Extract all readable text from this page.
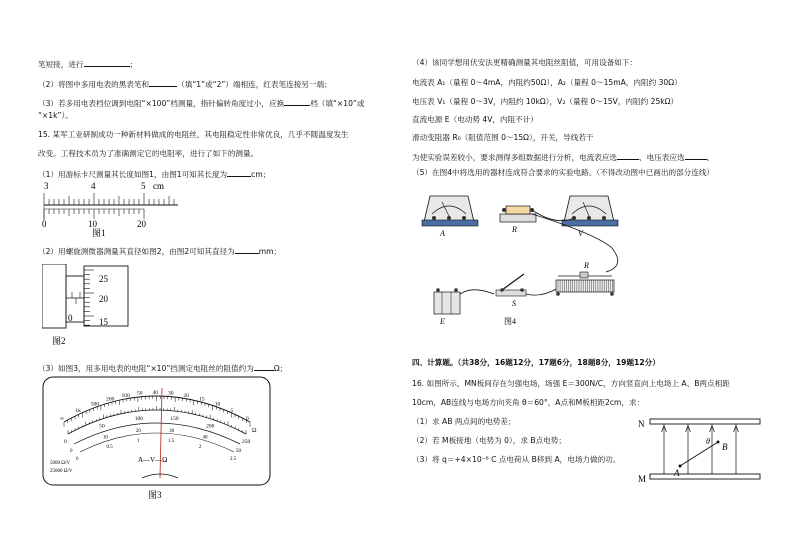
笔短接，进行	；
（2）将图中多用电表的黑表笔和	（填“1”或“2”）端相连，红表笔连接另一端；
（3）若多用电表档位调到电阻“×100”档测量，指针偏转角度过小，应换	档（填“×10”或
“×1k”）。
15. 某军工业研制成功一种新材料做成的电阻丝，其电阻稳定性非常优良，几乎不随温度发生
改变。工程技术员为了准确测定它的电阻率，进行了如下的测量。
（1）用游标卡尺测量其长度如图1，由图1可知其长度为	cm；
3	4	5 cm
0	10	20
图1
（2）用螺旋测微器测量其直径如图2，由图2可知其直径为	mm；
0
25
20
15
图2
（3）如图3，用多用电表的电阻“×10”挡测定电阻丝的阻值约为	Ω；
∞
1k
500
200
100 50 40 30 20
15
10
5
0
0
50
100	150
200
250
0
10
20	30
40
50
0
0.5
1	1.5
2
2.5
Ω
A—V—Ω
5000 Ω/V
25000 Ω/V
图3
（4）该同学想用伏安法更精确测量其电阻丝阻值，可用设备如下：
电流表 A₁（量程 0～4mA，内阻约50Ω），A₂（量程 0～15mA，内阻约 30Ω）
电压表 V₁（量程 0～3V，内阻约 10kΩ），V₂（量程 0～15V，内阻约 25kΩ）
直流电源 E（电动势 4V，内阻不计）
滑动变阻器 R₀（阻值范围 0～15Ω），开关，导线若干
为使实验误差较小，要求测得多组数据进行分析，电流表应选	、电压表应选	。
（5）在图4中将选用的器材连成符合要求的实验电路。（不得改动图中已画出的部分连线）
A	R	V
E
S
R
图4
四、计算题。（共38分，16题12分，17题6分，18题8分，19题12分）
16. 如图所示，MN板间存在匀强电场，场强 E＝300N/C，方向竖直向上电场上 A、B两点相距
10cm，AB连线与电场方向夹角 θ＝60°，A点和M板相距2cm，求：
（1）求 AB 两点间的电势差；
（2）若 M板接地（电势为 0），求 B点电势；
（3）将 q＝+4×10⁻⁶ C 点电荷从 B移到 A，电场力做的功。
N
M
A
B
θ
